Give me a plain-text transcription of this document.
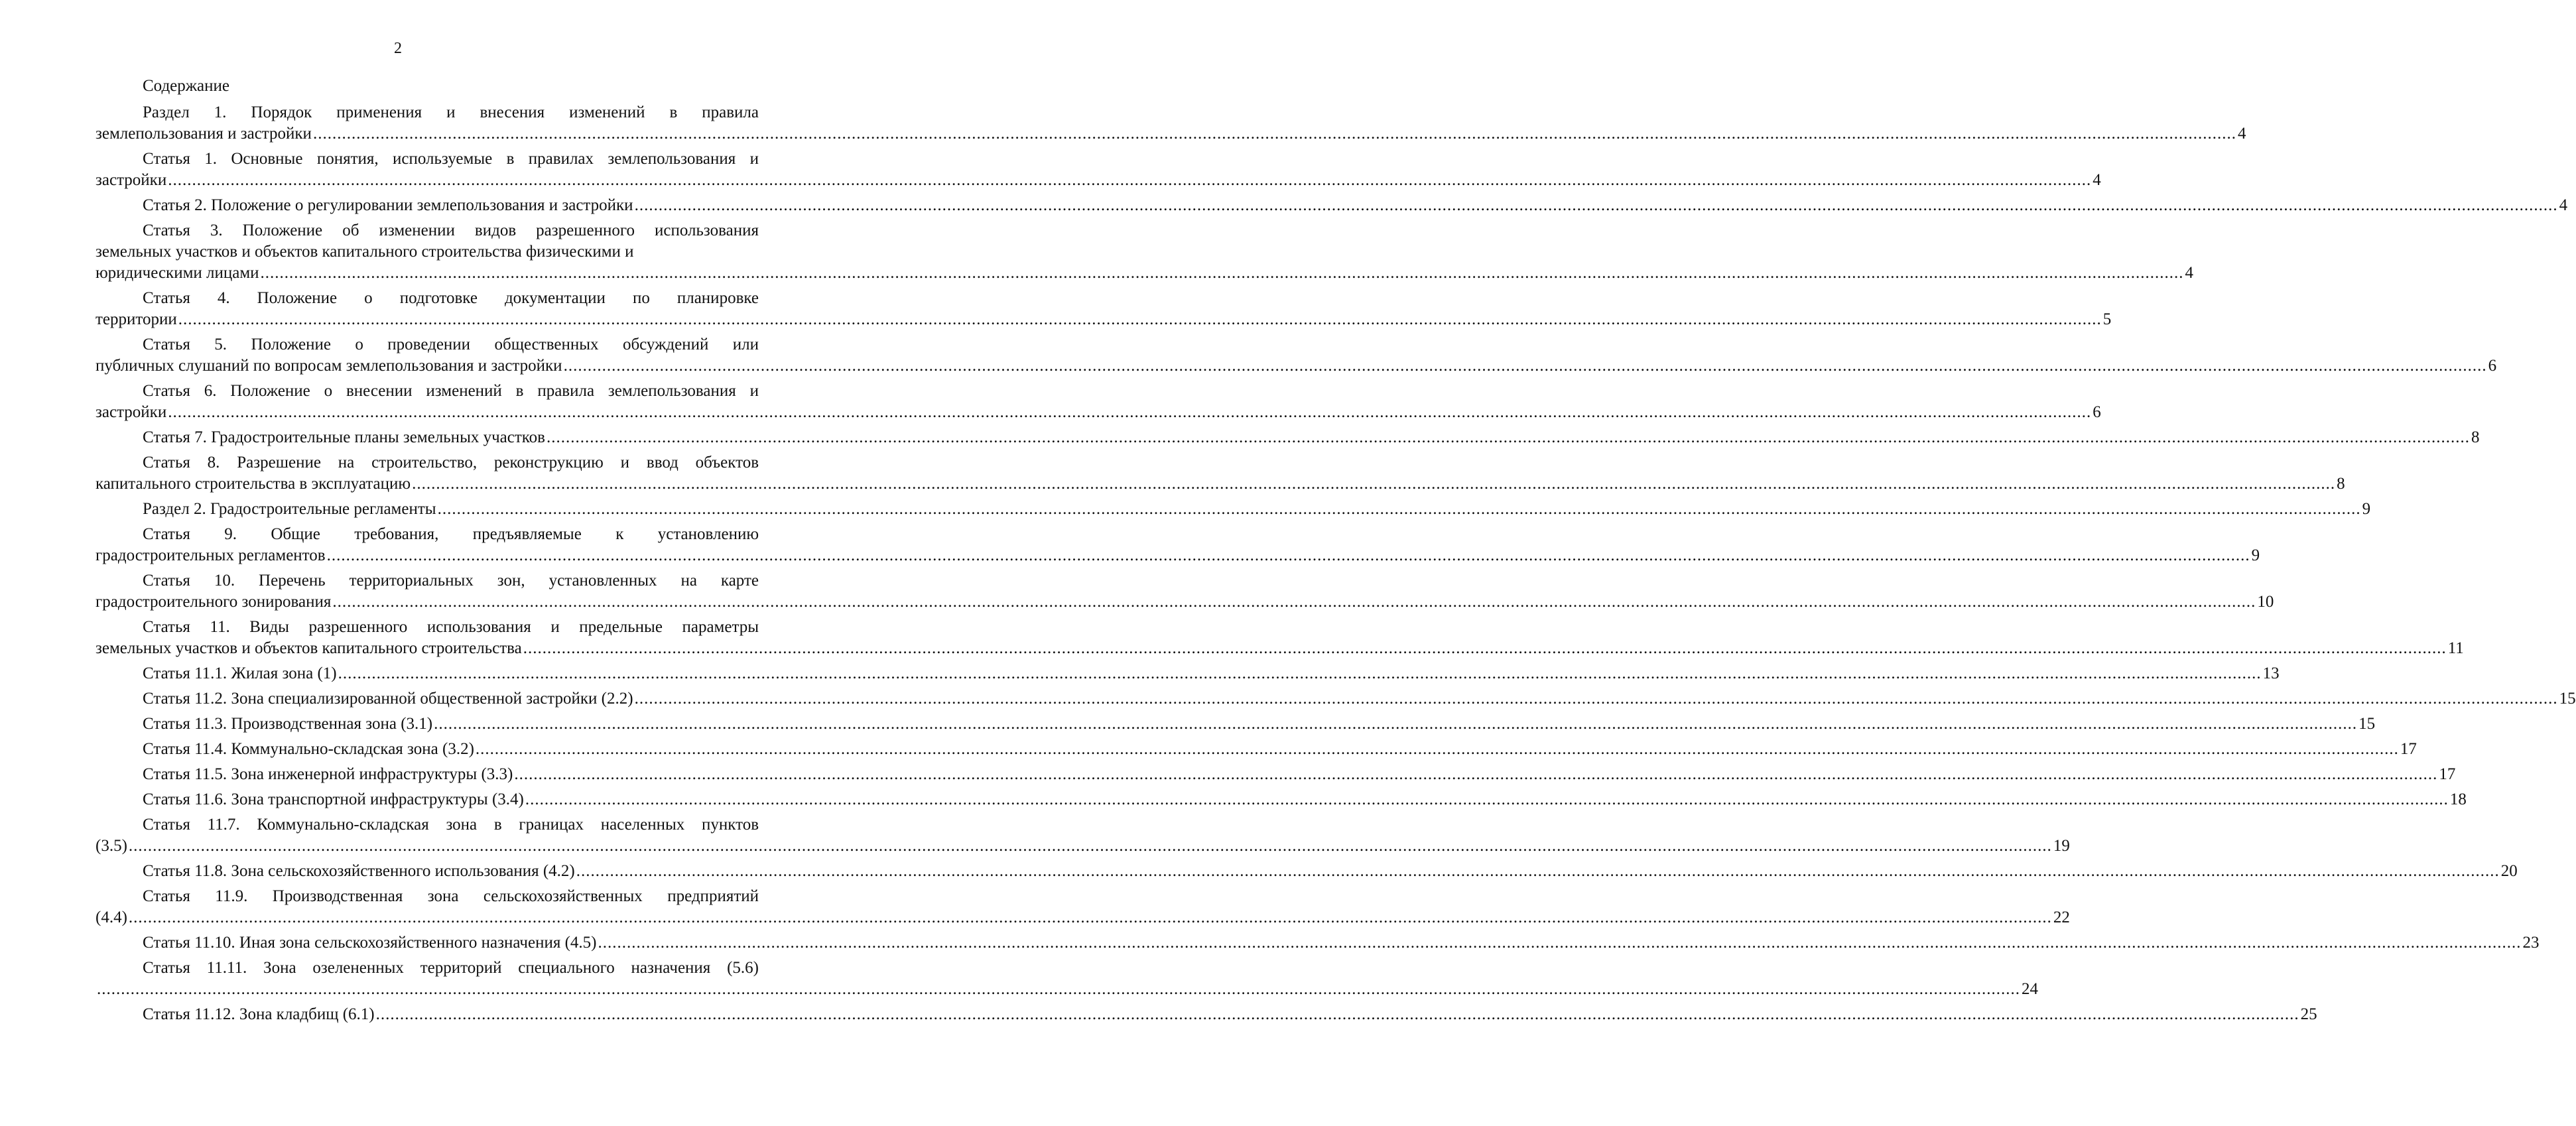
2
Содержание
Раздел 1. Порядок применения и внесения изменений в правила
землепользования и застройки ................................................................................................................................................................................................................................................................................................................................................................................................................ 4
Статья 1. Основные понятия, используемые в правилах землепользования и
застройки ................................................................................................................................................................................................................................................................................................................................................................................................................ 4
Статья 2. Положение о регулировании землепользования и застройки ................................................................................................................................................................................................................................................................................................................................................................................................................ 4
Статья 3. Положение об изменении видов разрешенного использования
земельных участков и объектов капитального строительства физическими и
юридическими лицами ................................................................................................................................................................................................................................................................................................................................................................................................................ 4
Статья 4. Положение о подготовке документации по планировке
территории ................................................................................................................................................................................................................................................................................................................................................................................................................ 5
Статья 5. Положение о проведении общественных обсуждений или
публичных слушаний по вопросам землепользования и застройки ................................................................................................................................................................................................................................................................................................................................................................................................................ 6
Статья 6. Положение о внесении изменений в правила землепользования и
застройки ................................................................................................................................................................................................................................................................................................................................................................................................................ 6
Статья 7. Градостроительные планы земельных участков ................................................................................................................................................................................................................................................................................................................................................................................................................ 8
Статья 8. Разрешение на строительство, реконструкцию и ввод объектов
капитального строительства в эксплуатацию ................................................................................................................................................................................................................................................................................................................................................................................................................ 8
Раздел 2. Градостроительные регламенты ................................................................................................................................................................................................................................................................................................................................................................................................................ 9
Статья 9. Общие требования, предъявляемые к установлению
градостроительных регламентов ................................................................................................................................................................................................................................................................................................................................................................................................................ 9
Статья 10. Перечень территориальных зон, установленных на карте
градостроительного зонирования ................................................................................................................................................................................................................................................................................................................................................................................................................ 10
Статья 11. Виды разрешенного использования и предельные параметры
земельных участков и объектов капитального строительства ................................................................................................................................................................................................................................................................................................................................................................................................................ 11
Статья 11.1. Жилая зона (1) ................................................................................................................................................................................................................................................................................................................................................................................................................ 13
Статья 11.2. Зона специализированной общественной застройки (2.2) ................................................................................................................................................................................................................................................................................................................................................................................................................ 15
Статья 11.3. Производственная зона (3.1) ................................................................................................................................................................................................................................................................................................................................................................................................................ 15
Статья 11.4. Коммунально-складская зона (3.2) ................................................................................................................................................................................................................................................................................................................................................................................................................ 17
Статья 11.5. Зона инженерной инфраструктуры (3.3) ................................................................................................................................................................................................................................................................................................................................................................................................................ 17
Статья 11.6. Зона транспортной инфраструктуры (3.4) ................................................................................................................................................................................................................................................................................................................................................................................................................ 18
Статья 11.7. Коммунально-складская зона в границах населенных пунктов
(3.5) ................................................................................................................................................................................................................................................................................................................................................................................................................ 19
Статья 11.8. Зона сельскохозяйственного использования (4.2) ................................................................................................................................................................................................................................................................................................................................................................................................................ 20
Статья 11.9. Производственная зона сельскохозяйственных предприятий
(4.4) ................................................................................................................................................................................................................................................................................................................................................................................................................ 22
Статья 11.10. Иная зона сельскохозяйственного назначения (4.5) ................................................................................................................................................................................................................................................................................................................................................................................................................ 23
Статья 11.11. Зона озелененных территорий специального назначения (5.6)
................................................................................................................................................................................................................................................................................................................................................................................................................ 24
Статья 11.12. Зона кладбищ (6.1) ................................................................................................................................................................................................................................................................................................................................................................................................................ 25
